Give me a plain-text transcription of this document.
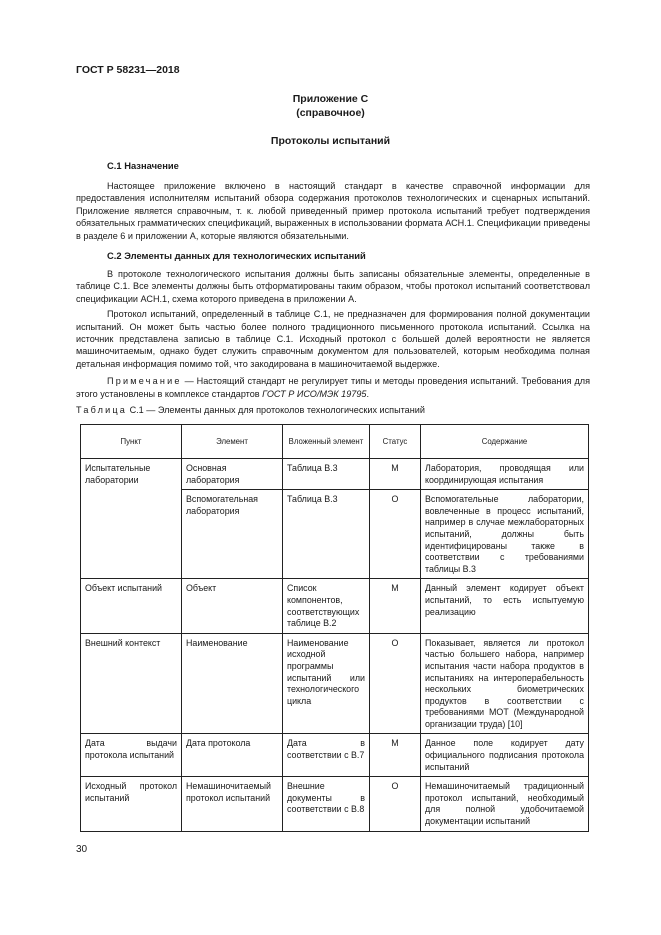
ГОСТ Р 58231—2018
Приложение С
(справочное)
Протоколы испытаний
С.1 Назначение

Настоящее приложение включено в настоящий стандарт в качестве справочной информации для предоставления исполнителям испытаний обзора содержания протоколов технологических и сценарных испытаний. Приложение является справочным, т. к. любой приведенный пример протокола испытаний требует подтверждения обязательных грамматических спецификаций, выраженных в использовании формата АСН.1. Спецификации приведены в разделе 6 и приложении А, которые являются обязательными.

С.2 Элементы данных для технологических испытаний

В протоколе технологического испытания должны быть записаны обязательные элементы, определенные в таблице С.1. Все элементы должны быть отформатированы таким образом, чтобы протокол испытаний соответствовал спецификации АСН.1, схема которого приведена в приложении А.

Протокол испытаний, определенный в таблице С.1, не предназначен для формирования полной документации испытаний. Он может быть частью более полного традиционного письменного протокола испытаний. Ссылка на источник представлена записью в таблице С.1. Исходный протокол с большей долей вероятности не является машиночитаемым, однако будет служить справочным документом для пользователей, которым необходима полная детальная информация помимо той, что закодирована в машиночитаемой выдержке.

Примечание — Настоящий стандарт не регулирует типы и методы проведения испытаний. Требования для этого установлены в комплексе стандартов ГОСТ Р ИСО/МЭК 19795.

Таблица С.1 — Элементы данных для протоколов технологических испытаний
Пункт	Элемент	Вложенный элемент	Статус	Содержание
Испытательные лаборатории	Основная лаборатория	Таблица В.3	М	Лаборатория, проводящая или координирующая испытания
	Вспомогательная лаборатория	Таблица В.3	О	Вспомогательные лаборатории, вовлеченные в процесс испытаний, например в случае межлабораторных испытаний, должны быть идентифицированы также в соответствии с требованиями таблицы В.3
Объект испытаний	Объект	Список компонентов, соответствующих таблице В.2	М	Данный элемент кодирует объект испытаний, то есть испытуемую реализацию
Внешний контекст	Наименование	Наименование исходной программы испытаний или технологического цикла	О	Показывает, является ли протокол частью большего набора, например испытания части набора продуктов в испытаниях на интероперабельность нескольких биометрических продуктов в соответствии с требованиями МОТ (Международной организации труда) [10]
Дата выдачи протокола испытаний	Дата протокола	Дата в соответствии с В.7	М	Данное поле кодирует дату официального подписания протокола испытаний
Исходный протокол испытаний	Немашиночитаемый протокол испытаний	Внешние документы в соответствии с В.8	О	Немашиночитаемый традиционный протокол испытаний, необходимый для полной удобочитаемой документации испытаний
30
